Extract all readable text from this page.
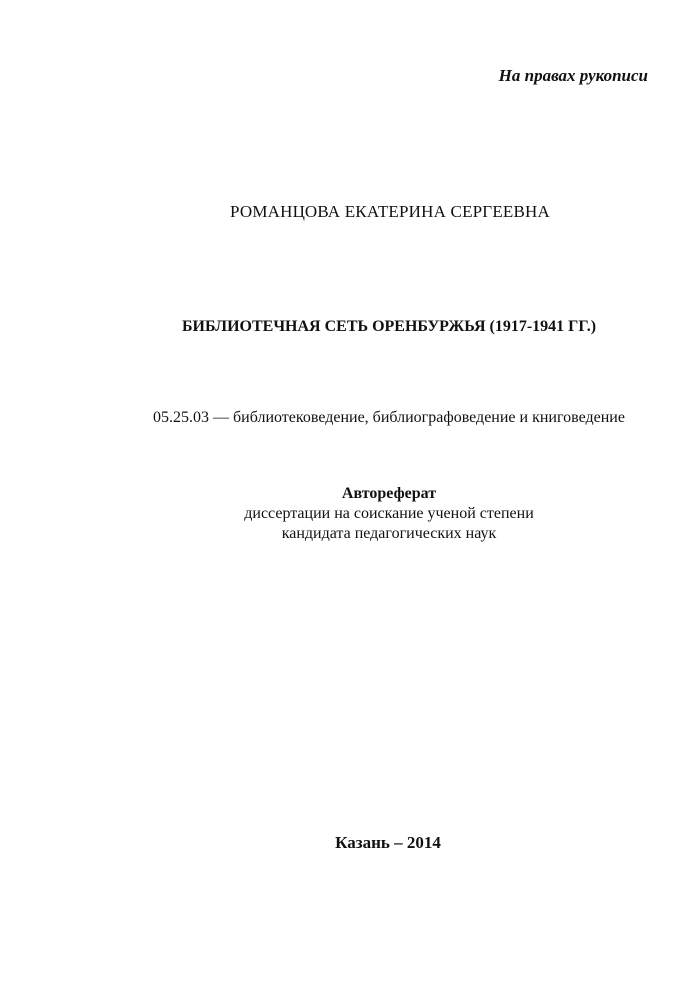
На правах рукописи
РОМАНЦОВА ЕКАТЕРИНА СЕРГЕЕВНА
БИБЛИОТЕЧНАЯ СЕТЬ ОРЕНБУРЖЬЯ (1917-1941 ГГ.)
05.25.03 — библиотековедение, библиографоведение и книговедение
Автореферат
диссертации на соискание ученой степени
кандидата педагогических наук
Казань – 2014
